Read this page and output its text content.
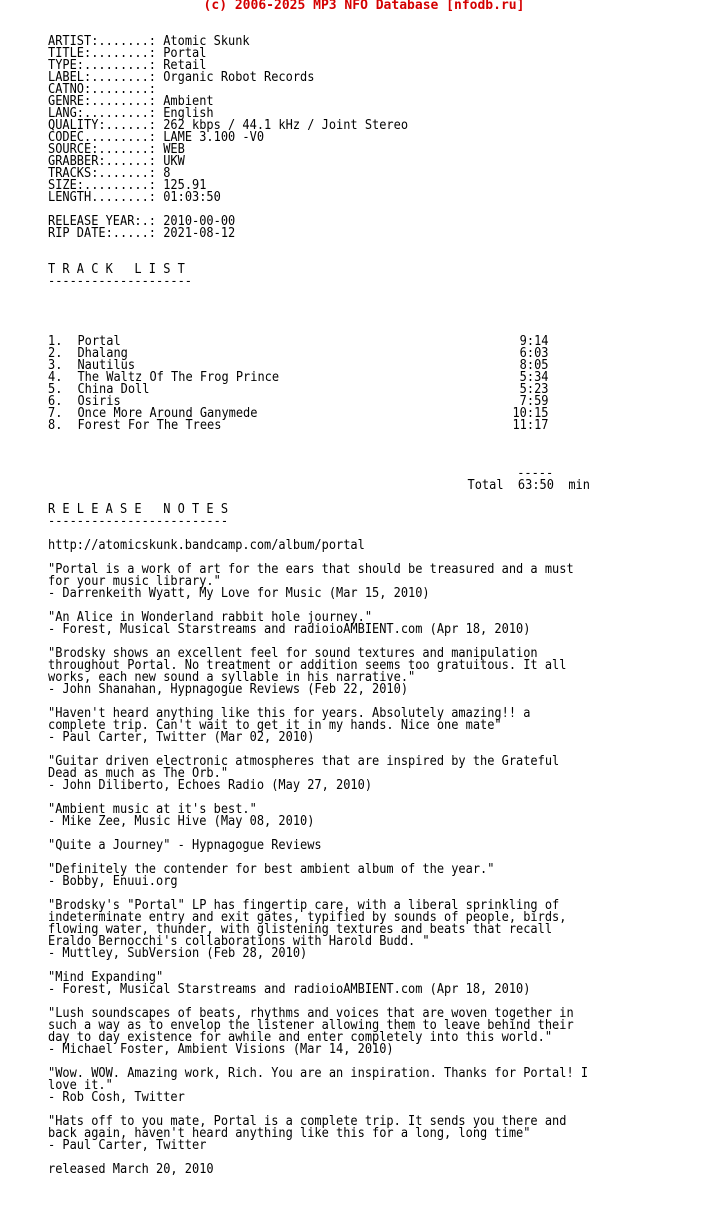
(c) 2006-2025 MP3 NFO Database [nfodb.ru]
ARTIST:.......: Atomic Skunk
TITLE:........: Portal
TYPE:.........: Retail
LABEL:........: Organic Robot Records
CATNO:........:
GENRE:........: Ambient
LANG:.........: English
QUALITY:......: 262 kbps / 44.1 kHz / Joint Stereo
CODEC.........: LAME 3.100 -V0
SOURCE:.......: WEB
GRABBER:......: UKW
TRACKS:.......: 8
SIZE:.........: 125.91
LENGTH........: 01:03:50
RELEASE YEAR:.: 2010-00-00
RIP DATE:.....: 2021-08-12
T R A C K   L I S T
--------------------
1. Portal	9:14
2. Dhalang	6:03
3. Nautilus	8:05
4. The Waltz Of The Frog Prince	5:34
5. China Doll	5:23
6. Osiris	7:59
7. Once More Around Ganymede	10:15
8. Forest For The Trees	11:17
-----
Total 63:50 min
R E L E A S E   N O T E S
-------------------------
http://atomicskunk.bandcamp.com/album/portal
"Portal is a work of art for the ears that should be treasured and a must
for your music library."
- Darrenkeith Wyatt, My Love for Music (Mar 15, 2010)
"An Alice in Wonderland rabbit hole journey."
- Forest, Musical Starstreams and radioioAMBIENT.com (Apr 18, 2010)
"Brodsky shows an excellent feel for sound textures and manipulation
throughout Portal. No treatment or addition seems too gratuitous. It all
works, each new sound a syllable in his narrative."
- John Shanahan, Hypnagogue Reviews (Feb 22, 2010)
"Haven't heard anything like this for years. Absolutely amazing!! a
complete trip. Can't wait to get it in my hands. Nice one mate"
- Paul Carter, Twitter (Mar 02, 2010)
"Guitar driven electronic atmospheres that are inspired by the Grateful
Dead as much as The Orb."
- John Diliberto, Echoes Radio (May 27, 2010)
"Ambient music at it's best."
- Mike Zee, Music Hive (May 08, 2010)
"Quite a Journey" - Hypnagogue Reviews
"Definitely the contender for best ambient album of the year."
- Bobby, Enuui.org
"Brodsky's "Portal" LP has fingertip care, with a liberal sprinkling of
indeterminate entry and exit gates, typified by sounds of people, birds,
flowing water, thunder, with glistening textures and beats that recall
Eraldo Bernocchi's collaborations with Harold Budd. "
- Muttley, SubVersion (Feb 28, 2010)
"Mind Expanding"
- Forest, Musical Starstreams and radioioAMBIENT.com (Apr 18, 2010)
"Lush soundscapes of beats, rhythms and voices that are woven together in
such a way as to envelop the listener allowing them to leave behind their
day to day existence for awhile and enter completely into this world."
- Michael Foster, Ambient Visions (Mar 14, 2010)
"Wow. WOW. Amazing work, Rich. You are an inspiration. Thanks for Portal! I
love it."
- Rob Cosh, Twitter
"Hats off to you mate, Portal is a complete trip. It sends you there and
back again, haven't heard anything like this for a long, long time"
- Paul Carter, Twitter
released March 20, 2010
